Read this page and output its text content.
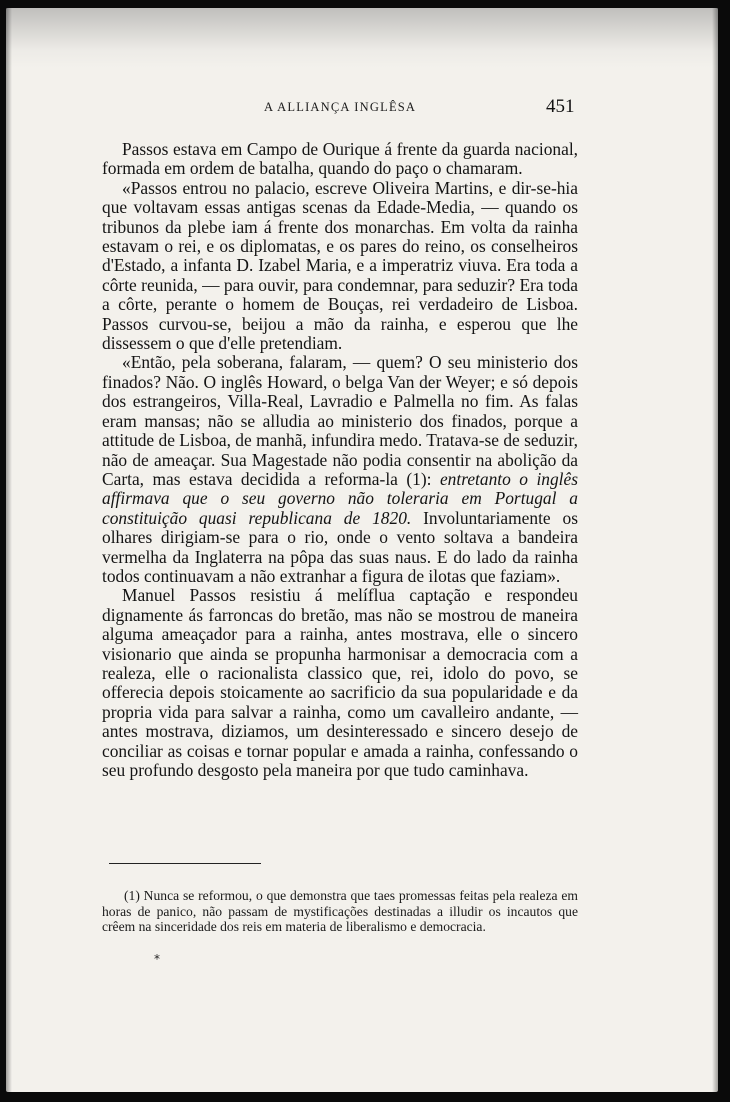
A ALLIANÇA INGLÊSA	451

Passos estava em Campo de Ourique á frente da guarda nacional, formada em ordem de batalha, quando do paço o chamaram.

«Passos entrou no palacio, escreve Oliveira Martins, e dir-se-hia que voltavam essas antigas scenas da Edade-Media, — quando os tribunos da plebe iam á frente dos monarchas. Em volta da rainha estavam o rei, e os diplomatas, e os pares do reino, os conselheiros d'Estado, a infanta D. Izabel Maria, e a imperatriz viuva. Era toda a côrte reunida, — para ouvir, para condemnar, para seduzir? Era toda a côrte, perante o homem de Bouças, rei verdadeiro de Lisboa. Passos curvou-se, beijou a mão da rainha, e esperou que lhe dissessem o que d'elle pretendiam.

«Então, pela soberana, falaram, — quem? O seu ministerio dos finados? Não. O inglês Howard, o belga Van der Weyer; e só depois dos estrangeiros, Villa-Real, Lavradio e Palmella no fim. As falas eram mansas; não se alludia ao ministerio dos finados, porque a attitude de Lisboa, de manhã, infundira medo. Tratava-se de seduzir, não de ameaçar. Sua Magestade não podia consentir na abolição da Carta, mas estava decidida a reforma-la (1): entretanto o inglês affirmava que o seu governo não toleraria em Portugal a constituição quasi republicana de 1820. Involuntariamente os olhares dirigiam-se para o rio, onde o vento soltava a bandeira vermelha da Inglaterra na pôpa das suas naus. E do lado da rainha todos continuavam a não extranhar a figura de ilotas que faziam».

Manuel Passos resistiu á melíflua captação e respondeu dignamente ás farroncas do bretão, mas não se mostrou de maneira alguma ameaçador para a rainha, antes mostrava, elle o sincero visionario que ainda se propunha harmonisar a democracia com a realeza, elle o racionalista classico que, rei, idolo do povo, se offerecia depois stoicamente ao sacrificio da sua popularidade e da propria vida para salvar a rainha, como um cavalleiro andante, — antes mostrava, diziamos, um desinteressado e sincero desejo de conciliar as coisas e tornar popular e amada a rainha, confessando o seu profundo desgosto pela maneira por que tudo caminhava.

(1) Nunca se reformou, o que demonstra que taes promessas feitas pela realeza em horas de panico, não passam de mystificações destinadas a illudir os incautos que crêem na sinceridade dos reis em materia de liberalismo e democracia.
*
